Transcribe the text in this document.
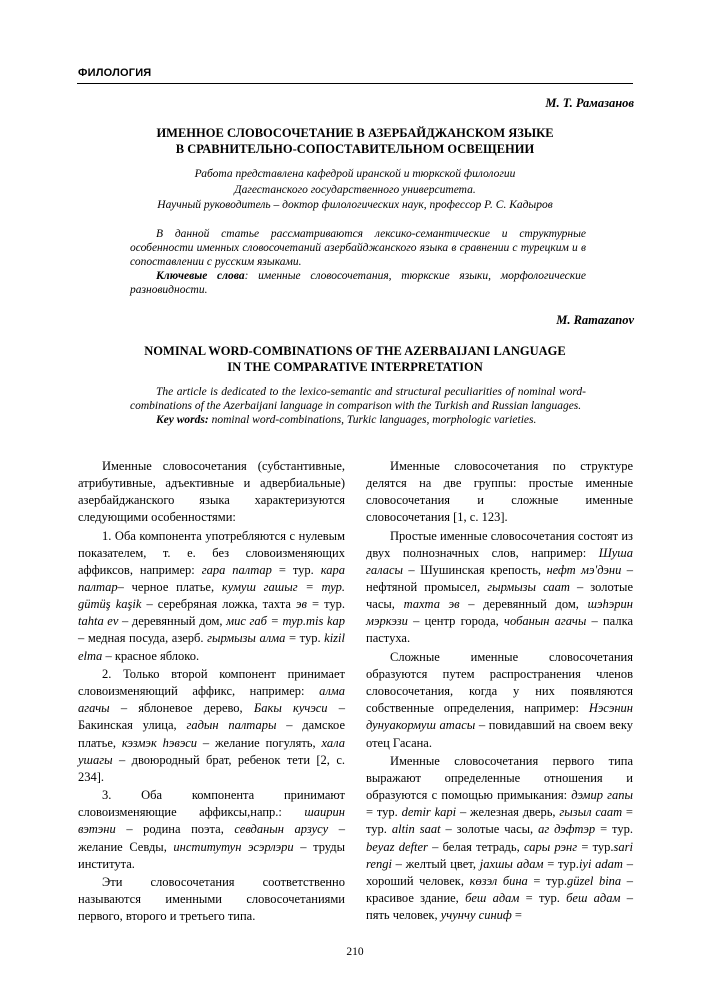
ФИЛОЛОГИЯ
М. Т. Рамазанов
ИМЕННОЕ СЛОВОСОЧЕТАНИЕ В АЗЕРБАЙДЖАНСКОМ ЯЗЫКЕ
В СРАВНИТЕЛЬНО-СОПОСТАВИТЕЛЬНОМ ОСВЕЩЕНИИ
Работа представлена кафедрой иранской и тюркской филологии
Дагестанского государственного университета.
Научный руководитель – доктор филологических наук, профессор Р. С. Кадыров

В данной статье рассматриваются лексико-семантические и структурные особенности именных словосочетаний азербайджанского языка в сравнении с турецким и в сопоставлении с русским языками.

Ключевые слова: именные словосочетания, тюркские языки, морфологические разновидности.

M. Ramazanov
NOMINAL WORD-COMBINATIONS OF THE AZERBAIJANI LANGUAGE
IN THE COMPARATIVE INTERPRETATION

The article is dedicated to the lexico-semantic and structural peculiarities of nominal word-combinations of the Azerbaijani language in comparison with the Turkish and Russian languages.

Key words: nominal word-combinations, Turkic languages, morphologic varieties.

Именные словосочетания (субстантивные, атрибутивные, адъективные и адвербиальные) азербайджанского языка характеризуются следующими особенностями:

1. Оба компонента употребляются с нулевым показателем, т. е. без словоизменяющих аффиксов, например: гара палтар = тур. кара палтар– черное платье, кумуш гашыг = тур. gümüş kaşik – серебряная ложка, тахта эв = тур. tahta ev – деревянный дом, мис габ = тур.mis kap – медная посуда, азерб. гырмызы алма = тур. kizil elma – красное яблоко.

2. Только второй компонент принимает словоизменяющий аффикс, например: алма агачы – яблоневое дерево, Бакы кучэси – Бакинская улица, гадын палтары – дамское платье, кэзмэк hэвэси – желание погулять, хала ушагы – двоюродный брат, ребенок тети [2, с. 234].

3. Оба компонента принимают словоизменяющие аффиксы,напр.: шаирин вэтэни – родина поэта, севданын арзусу – желание Севды, институтун эсэрлэри – труды института.

Эти словосочетания соответственно называются именными словосочетаниями первого, второго и третьего типа.

Именные словосочетания по структуре делятся на две группы: простые именные словосочетания и сложные именные словосочетания [1, с. 123].

Простые именные словосочетания состоят из двух полнозначных слов, например: Шуша галасы – Шушинская крепость, нефт мэ'дэни – нефтяной промысел, гырмызы саат – золотые часы, тахта эв – деревянный дом, шэhэрин мэркэзи – центр города, чобанын агачы – палка пастуха.

Сложные именные словосочетания образуются путем распространения членов словосочетания, когда у них появляются собственные определения, например: Нэсэнин дунуакормуш атасы – повидавший на своем веку отец Гасана.

Именные словосочетания первого типа выражают определенные отношения и образуются с помощью примыкания: дэмир гапы = тур. demir kapi – железная дверь, гызыл саат = тур. altin saat – золотые часы, аг дэфтэр = тур. beyaz defter – белая тетрадь, сары рэнг = тур.sari rengi – желтый цвет, jaxшы адам = тур.iyi adam – хороший человек, көзэл бина = тур.güzel bina – красивое здание, беш адам = тур. беш адам – пять человек, учунчу синиф =

210
